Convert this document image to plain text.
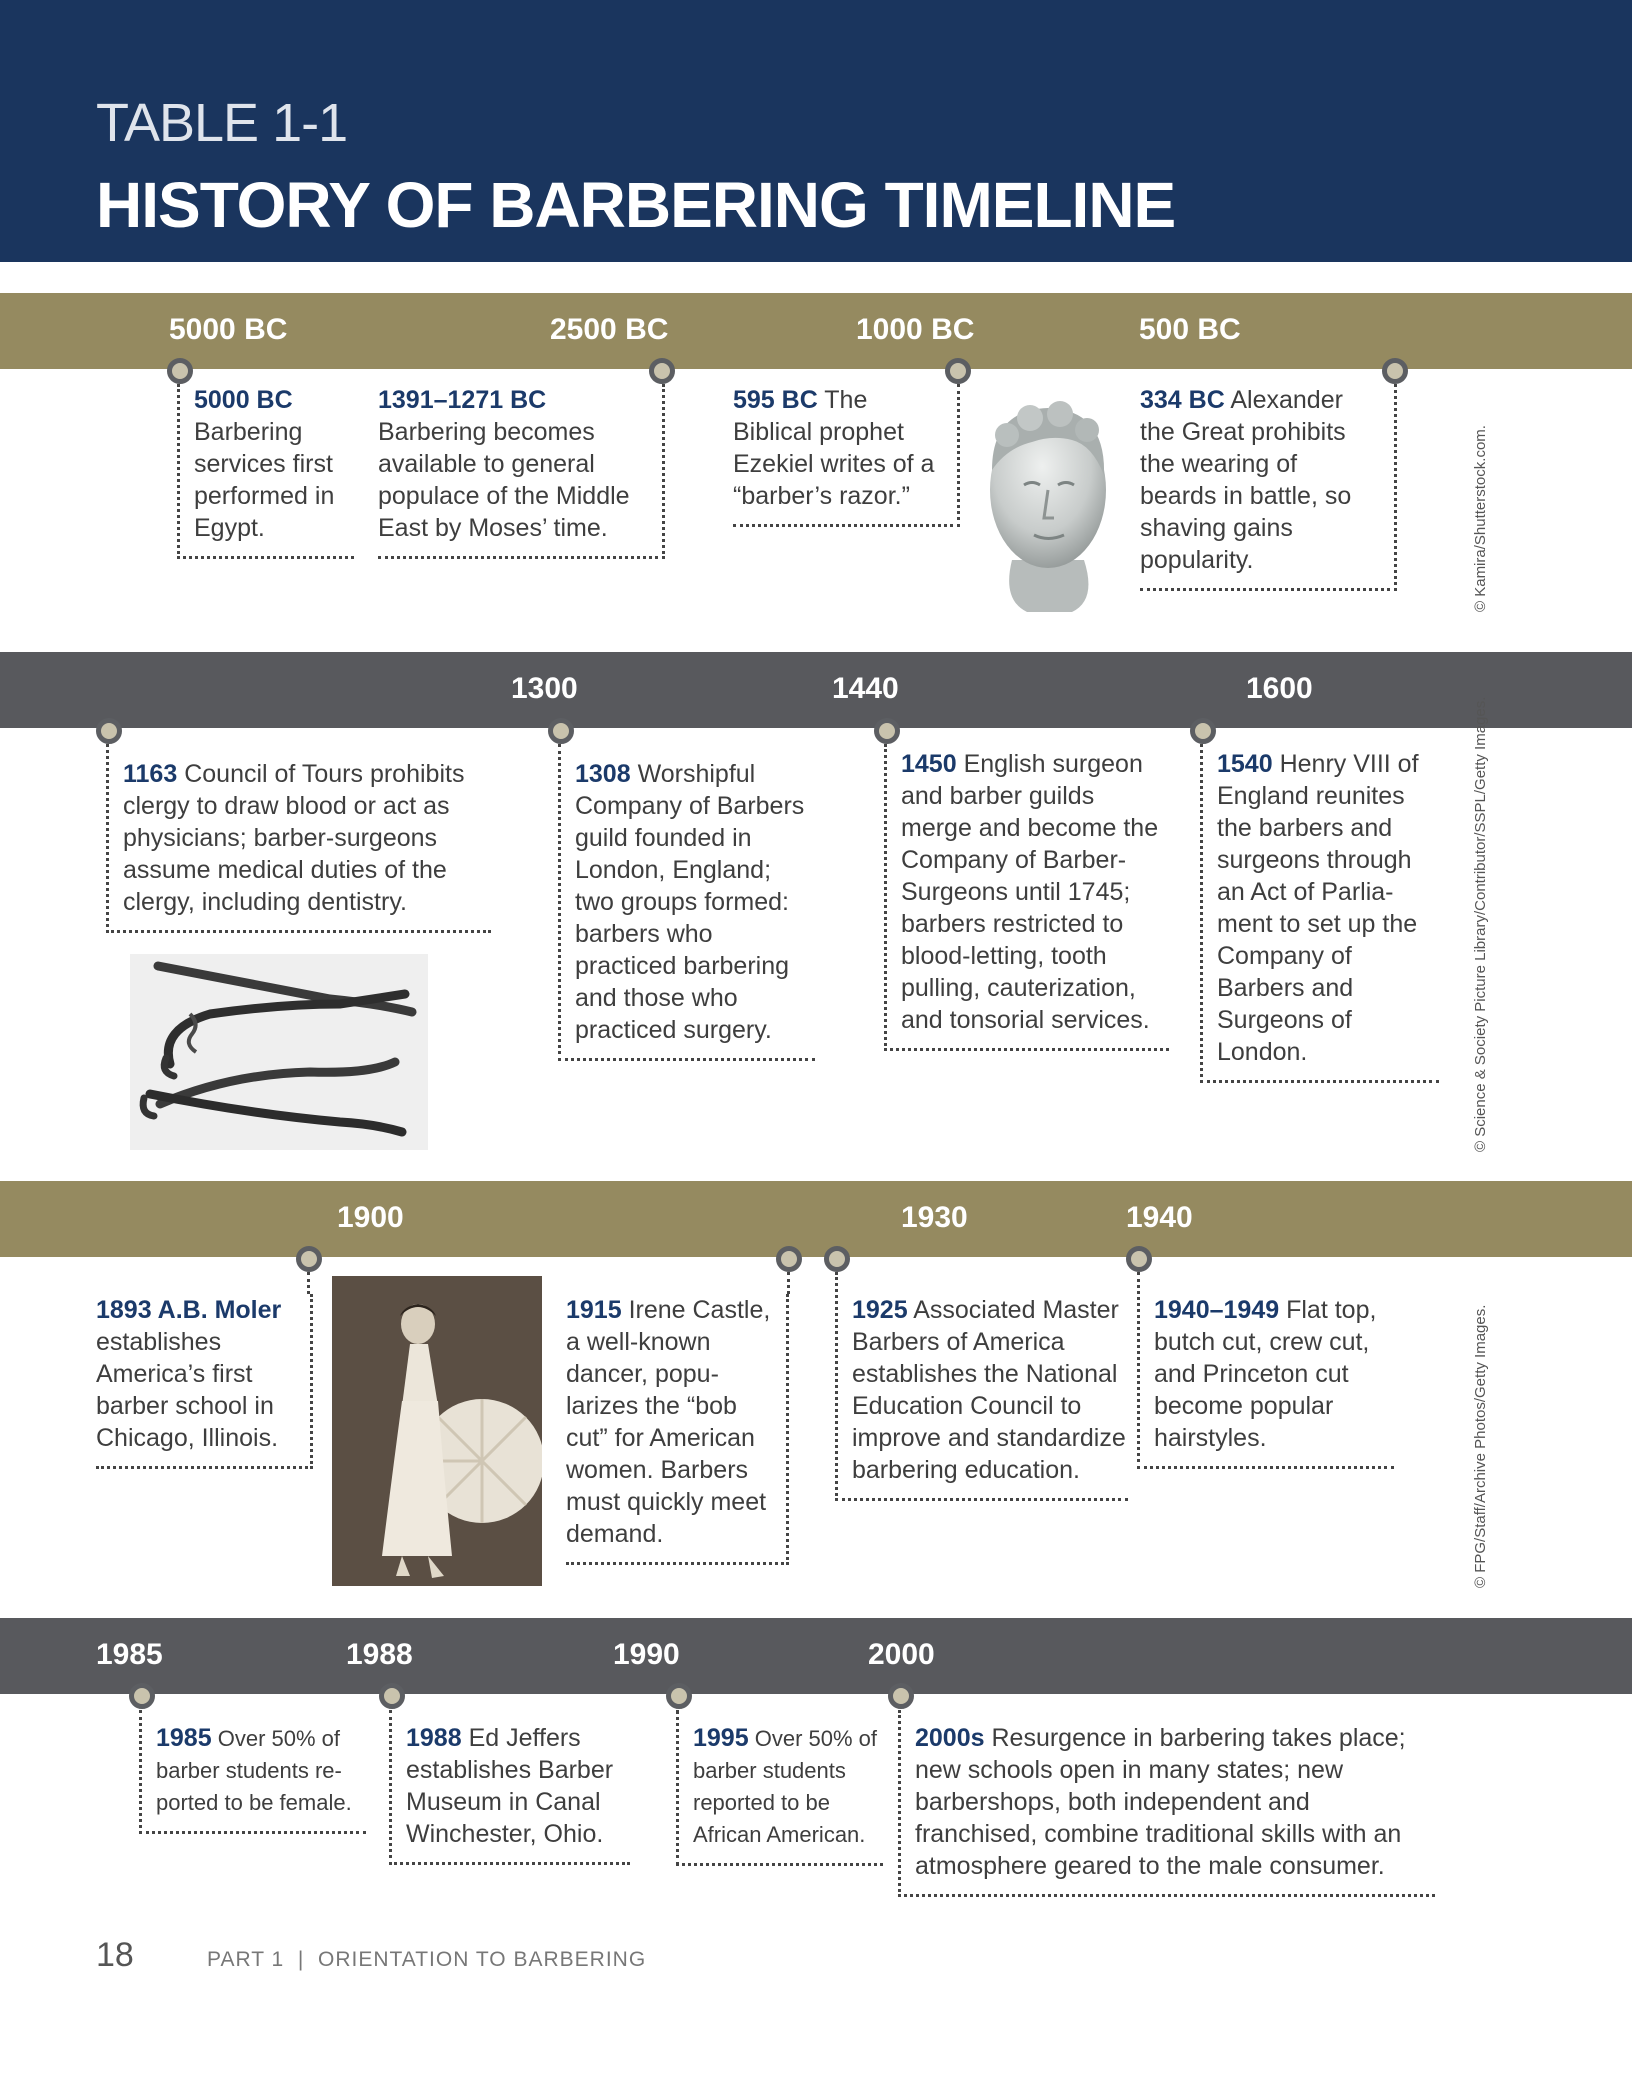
TABLE 1-1
HISTORY OF BARBERING TIMELINE
5000 BC	2500 BC	1000 BC	500 BC
5000 BC
Barbering services first performed in Egypt.
1391–1271 BC Barbering becomes available to general populace of the Middle East by Moses’ time.
595 BC The Biblical prophet Ezekiel writes of a “barber’s razor.”
334 BC Alexander the Great prohibits the wearing of beards in battle, so shaving gains popularity.	© Kamira/Shutterstock.com.
1300	1440	1600
1163 Council of Tours prohibits clergy to draw blood or act as physicians; barber-surgeons assume medical duties of the clergy, including dentistry.
1308 Worshipful Company of Barbers guild founded in London, England; two groups formed: barbers who practiced barbering and those who practiced surgery.
1450 English surgeon and barber guilds merge and become the Company of Barber-Surgeons until 1745; barbers restricted to blood-letting, tooth pulling, cauterization, and tonsorial services.
1540 Henry VIII of England reunites the barbers and surgeons through an Act of Parlia-ment to set up the Company of Barbers and Surgeons of London.	© Science & Society Picture Library/Contributor/SSPL/Getty Images.
1900	1930	1940
1893 A.B. Moler establishes America’s first barber school in Chicago, Illinois.
1915 Irene Castle, a well-known dancer, popu-larizes the “bob cut” for American women. Barbers must quickly meet demand.
1925 Associated Master Barbers of America establishes the National Education Council to improve and standardize barbering education.
1940–1949 Flat top, butch cut, crew cut, and Princeton cut become popular hairstyles.	© FPG/Staff/Archive Photos/Getty Images.
1985	1988	1990	2000
1985 Over 50% of barber students re-ported to be female.
1988 Ed Jeffers establishes Barber Museum in Canal Winchester, Ohio.
1995 Over 50% of barber students reported to be African American.
2000s Resurgence in barbering takes place; new schools open in many states; new barbershops, both independent and franchised, combine traditional skills with an atmosphere geared to the male consumer.
18	PART 1  |  ORIENTATION TO BARBERING
